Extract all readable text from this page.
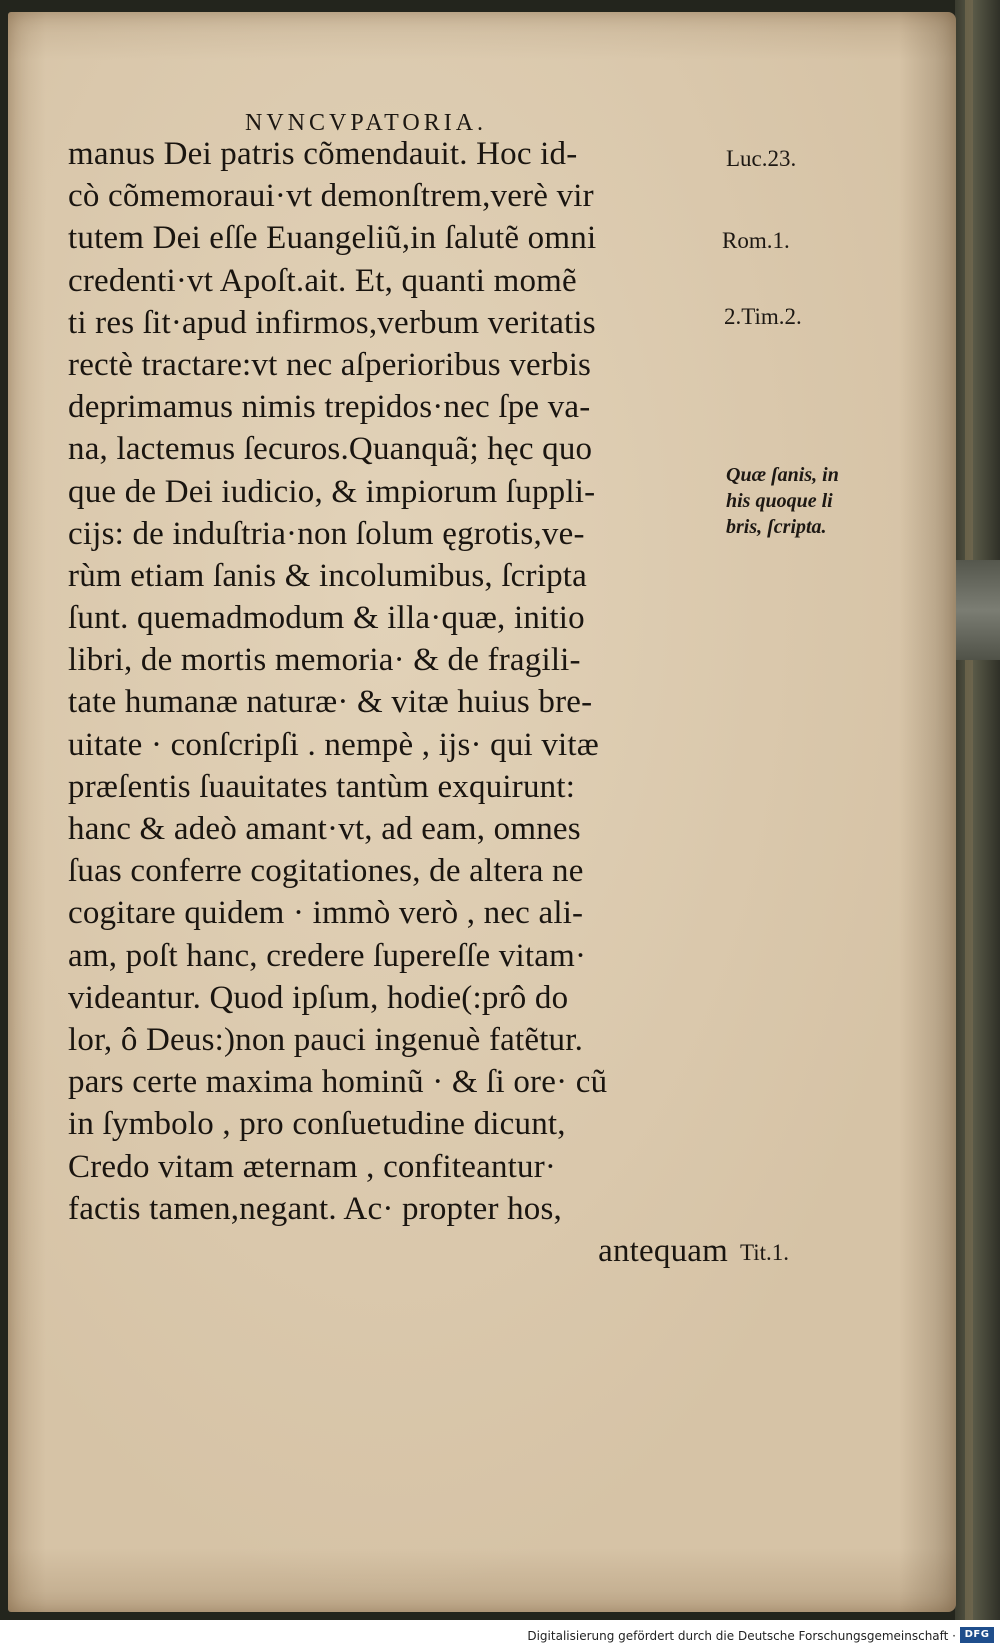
NVNCVPATORIA.
manus Dei patris cõmendauit. Hoc id-
cò cõmemoraui·vt demonſtrem,verè vir
tutem Dei eſſe Euangeliũ,in ſalutẽ omni
credenti·vt Apoſt.ait. Et, quanti momẽ
ti res ſit·apud infirmos,verbum veritatis
rectè tractare:vt nec aſperioribus verbis
deprimamus nimis trepidos·nec ſpe va-
na, lactemus ſecuros.Quanquã; hęc quo
que de Dei iudicio, & impiorum ſuppli-
cijs: de induſtria·non ſolum ęgrotis,ve-
rùm etiam ſanis & incolumibus, ſcripta
ſunt. quemadmodum & illa·quæ, initio
libri, de mortis memoria· & de fragili-
tate humanæ naturæ· & vitæ huius bre-
uitate · conſcripſi . nempè , ijs· qui vitæ
præſentis ſuauitates tantùm exquirunt:
hanc & adeò amant·vt, ad eam, omnes
ſuas conferre cogitationes, de altera ne
cogitare quidem · immò verò , nec ali-
am, poſt hanc, credere ſupereſſe vitam·
videantur. Quod ipſum, hodie(:prô do
lor, ô Deus:)non pauci ingenuè fatẽtur.
pars certe maxima hominũ · & ſi ore· cũ
in ſymbolo , pro conſuetudine dicunt,
Credo vitam æternam , confiteantur·
factis tamen,negant. Ac· propter hos,
antequam

Luc.23.

Rom.1.

2.Tim.2.

Tit.1.

Quæ ſanis, in
his quoque li
bris, ſcripta.
Digitalisierung gefördert durch die Deutsche Forschungsgemeinschaft · DFG
